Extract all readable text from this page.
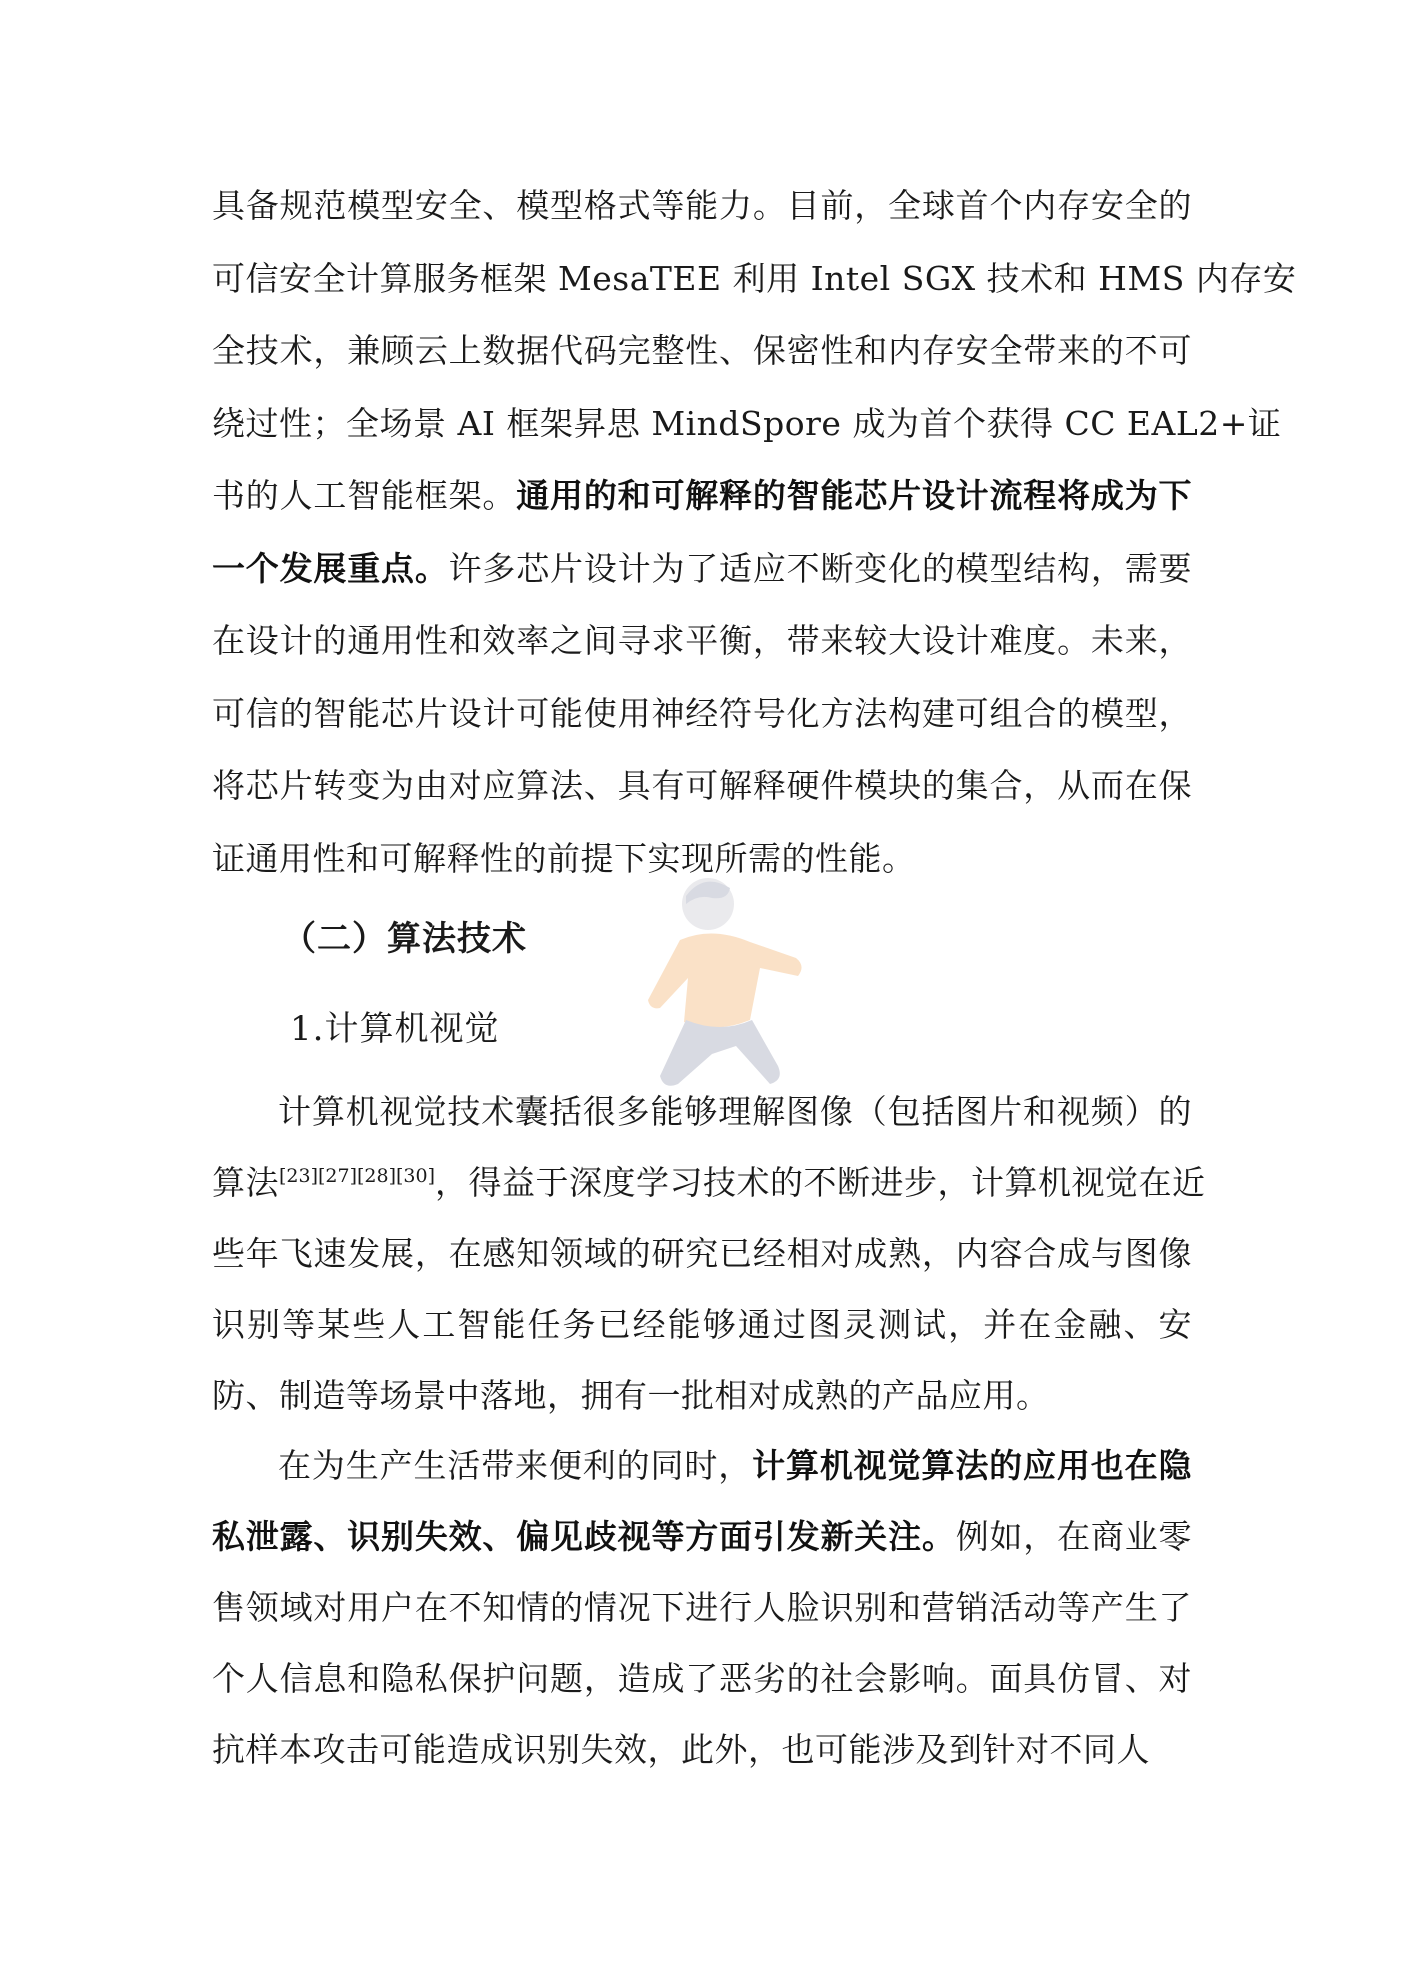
具备规范模型安全、模型格式等能力。目前，全球首个内存安全的
可信安全计算服务框架 MesaTEE 利用 Intel SGX 技术和 HMS 内存安
全技术，兼顾云上数据代码完整性、保密性和内存安全带来的不可
绕过性；全场景 AI 框架昇思 MindSpore 成为首个获得 CC EAL2+证
书的人工智能框架。通用的和可解释的智能芯片设计流程将成为下
一个发展重点。许多芯片设计为了适应不断变化的模型结构，需要
在设计的通用性和效率之间寻求平衡，带来较大设计难度。未来，
可信的智能芯片设计可能使用神经符号化方法构建可组合的模型，
将芯片转变为由对应算法、具有可解释硬件模块的集合，从而在保
证通用性和可解释性的前提下实现所需的性能。
（二）算法技术
1.计算机视觉
计算机视觉技术囊括很多能够理解图像（包括图片和视频）的
算法[23][27][28][30]，得益于深度学习技术的不断进步，计算机视觉在近
些年飞速发展，在感知领域的研究已经相对成熟，内容合成与图像
识别等某些人工智能任务已经能够通过图灵测试，并在金融、安
防、制造等场景中落地，拥有一批相对成熟的产品应用。
在为生产生活带来便利的同时，计算机视觉算法的应用也在隐
私泄露、识别失效、偏见歧视等方面引发新关注。例如，在商业零
售领域对用户在不知情的情况下进行人脸识别和营销活动等产生了
个人信息和隐私保护问题，造成了恶劣的社会影响。面具仿冒、对
抗样本攻击可能造成识别失效，此外，也可能涉及到针对不同人
